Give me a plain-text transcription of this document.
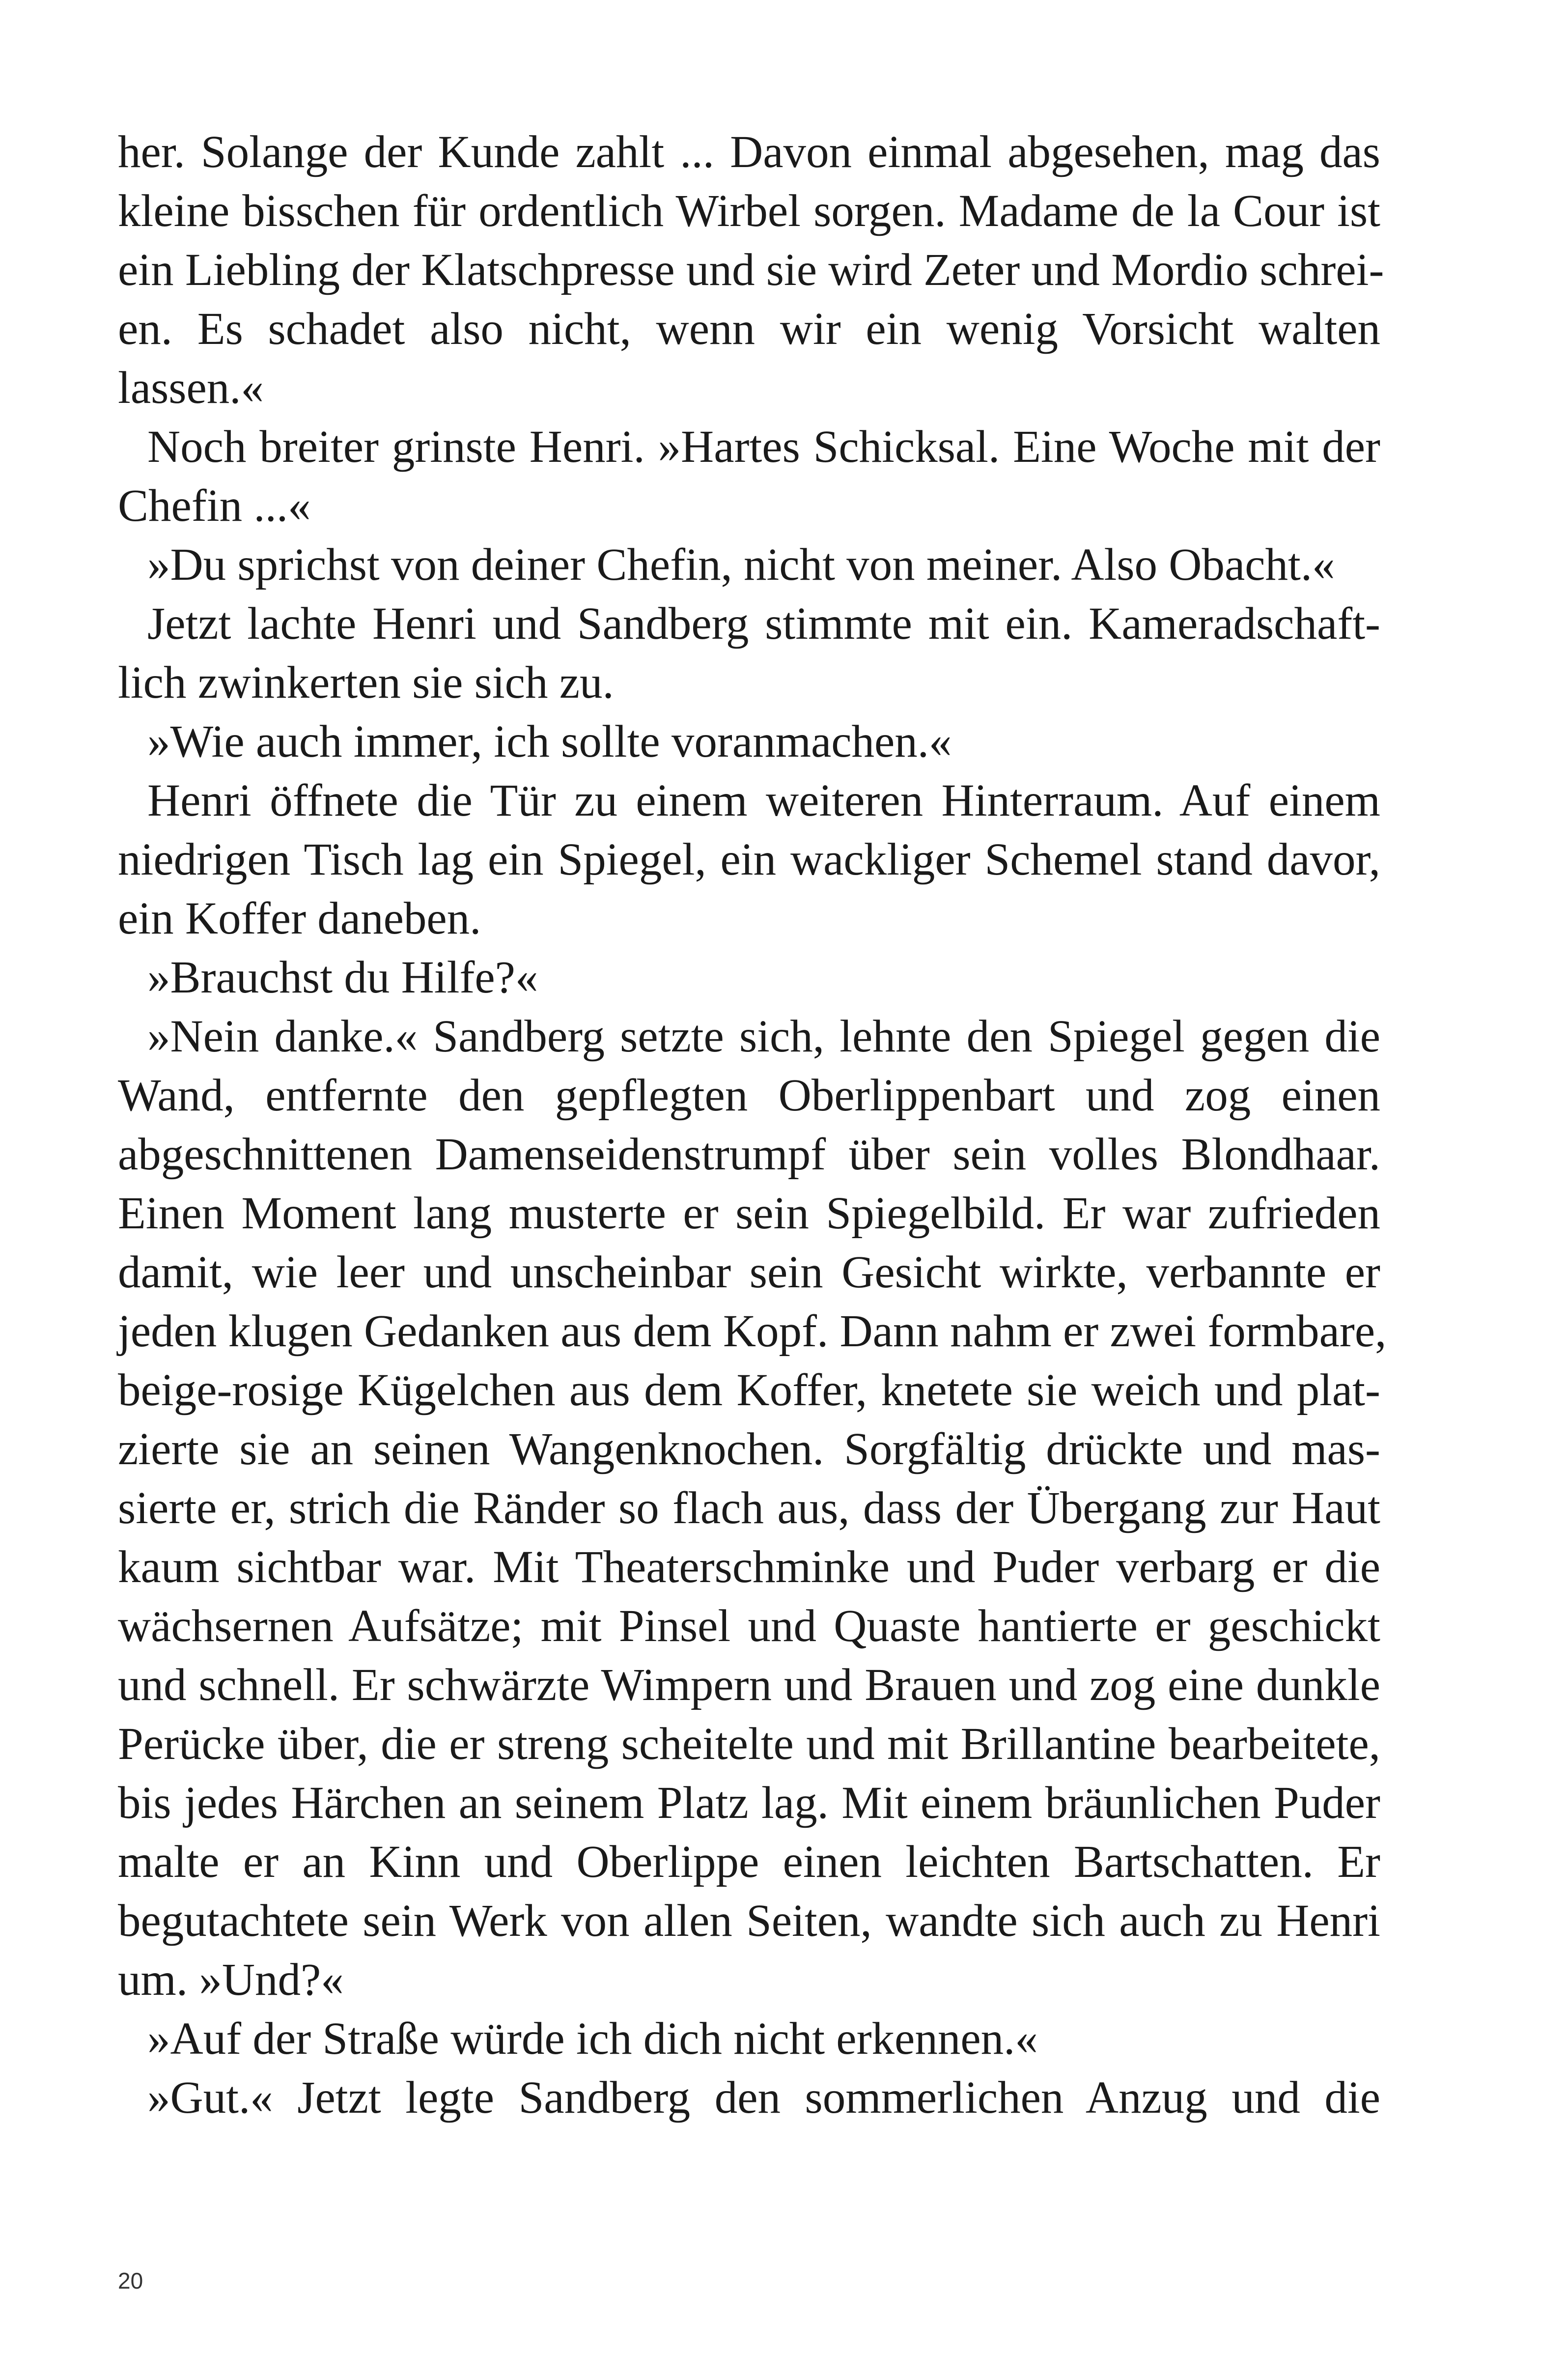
her. Solange der Kunde zahlt ... Davon einmal abgesehen, mag das
kleine bisschen für ordentlich Wirbel sorgen. Madame de la Cour ist
ein Liebling der Klatschpresse und sie wird Zeter und Mordio schrei-
en. Es schadet also nicht, wenn wir ein wenig Vorsicht walten
lassen.«
Noch breiter grinste Henri. »Hartes Schicksal. Eine Woche mit der
Chefin ...«
»Du sprichst von deiner Chefin, nicht von meiner. Also Obacht.«
Jetzt lachte Henri und Sandberg stimmte mit ein. Kameradschaft-
lich zwinkerten sie sich zu.
»Wie auch immer, ich sollte voranmachen.«
Henri öffnete die Tür zu einem weiteren Hinterraum. Auf einem
niedrigen Tisch lag ein Spiegel, ein wackliger Schemel stand davor,
ein Koffer daneben.
»Brauchst du Hilfe?«
»Nein danke.« Sandberg setzte sich, lehnte den Spiegel gegen die
Wand, entfernte den gepflegten Oberlippenbart und zog einen
abgeschnittenen Damenseidenstrumpf über sein volles Blondhaar.
Einen Moment lang musterte er sein Spiegelbild. Er war zufrieden
damit, wie leer und unscheinbar sein Gesicht wirkte, verbannte er
jeden klugen Gedanken aus dem Kopf. Dann nahm er zwei formbare,
beige-rosige Kügelchen aus dem Koffer, knetete sie weich und plat-
zierte sie an seinen Wangenknochen. Sorgfältig drückte und mas-
sierte er, strich die Ränder so flach aus, dass der Übergang zur Haut
kaum sichtbar war. Mit Theaterschminke und Puder verbarg er die
wächsernen Aufsätze; mit Pinsel und Quaste hantierte er geschickt
und schnell. Er schwärzte Wimpern und Brauen und zog eine dunkle
Perücke über, die er streng scheitelte und mit Brillantine bearbeitete,
bis jedes Härchen an seinem Platz lag. Mit einem bräunlichen Puder
malte er an Kinn und Oberlippe einen leichten Bartschatten. Er
begutachtete sein Werk von allen Seiten, wandte sich auch zu Henri
um. »Und?«
»Auf der Straße würde ich dich nicht erkennen.«
»Gut.« Jetzt legte Sandberg den sommerlichen Anzug und die
20
